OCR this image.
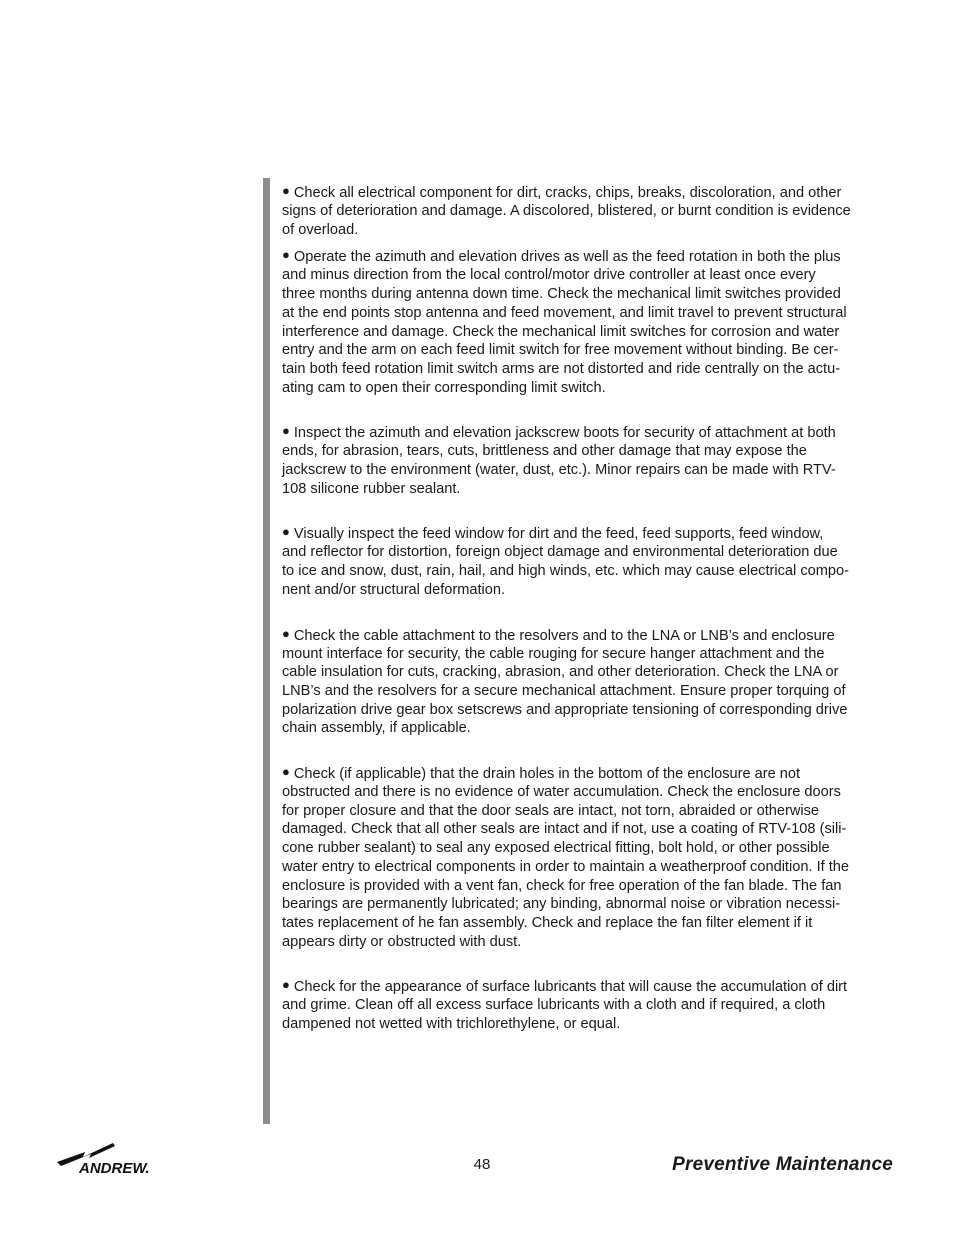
● Check all electrical component for dirt, cracks, chips, breaks, discoloration, and other

signs of deterioration and damage. A discolored, blistered, or burnt condition is evidence

of overload.

● Operate the azimuth and elevation drives as well as the feed rotation in both the plus

and minus direction from the local control/motor drive controller at least once every

three months during antenna down time. Check the mechanical limit switches provided

at the end points stop antenna and feed movement, and limit travel to prevent structural

interference and damage. Check the mechanical limit switches for corrosion and water

entry and the arm on each feed limit switch for free movement without binding. Be cer-

tain both feed rotation limit switch arms are not distorted and ride centrally on the actu-

ating cam to open their corresponding limit switch.

● Inspect the azimuth and elevation jackscrew boots for security of attachment at both

ends, for abrasion, tears, cuts, brittleness and other damage that may expose the

jackscrew to the environment (water, dust, etc.). Minor repairs can be made with RTV-

108 silicone rubber sealant.

● Visually inspect the feed window for dirt and the feed, feed supports, feed window,

and reflector for distortion, foreign object damage and environmental deterioration due

to ice and snow, dust, rain, hail, and high winds, etc. which may cause electrical compo-

nent and/or structural deformation.

● Check the cable attachment to the resolvers and to the LNA or LNB’s and enclosure

mount interface for security, the cable rouging for secure hanger attachment and the

cable insulation for cuts, cracking, abrasion, and other deterioration. Check the LNA or

LNB’s and the resolvers for a secure mechanical attachment. Ensure proper torquing of

polarization drive gear box setscrews and appropriate tensioning of corresponding drive

chain assembly, if applicable.

● Check (if applicable) that the drain holes in the bottom of the enclosure are not

obstructed and there is no evidence of water accumulation. Check the enclosure doors

for proper closure and that the door seals are intact, not torn, abraided or otherwise

damaged. Check that all other seals are intact and if not, use a coating of RTV-108 (sili-

cone rubber sealant) to seal any exposed electrical fitting, bolt hold, or other possible

water entry to electrical components in order to maintain a weatherproof condition. If the

enclosure is provided with a vent fan, check for free operation of the fan blade. The fan

bearings are permanently lubricated; any binding, abnormal noise or vibration necessi-

tates replacement of he fan assembly. Check and replace the fan filter element if it

appears dirty or obstructed with dust.

● Check for the appearance of surface lubricants that will cause the accumulation of dirt

and grime. Clean off all excess surface lubricants with a cloth and if required, a cloth

dampened not wetted with trichlorethylene, or equal.

ANDREW.	48	Preventive Maintenance
